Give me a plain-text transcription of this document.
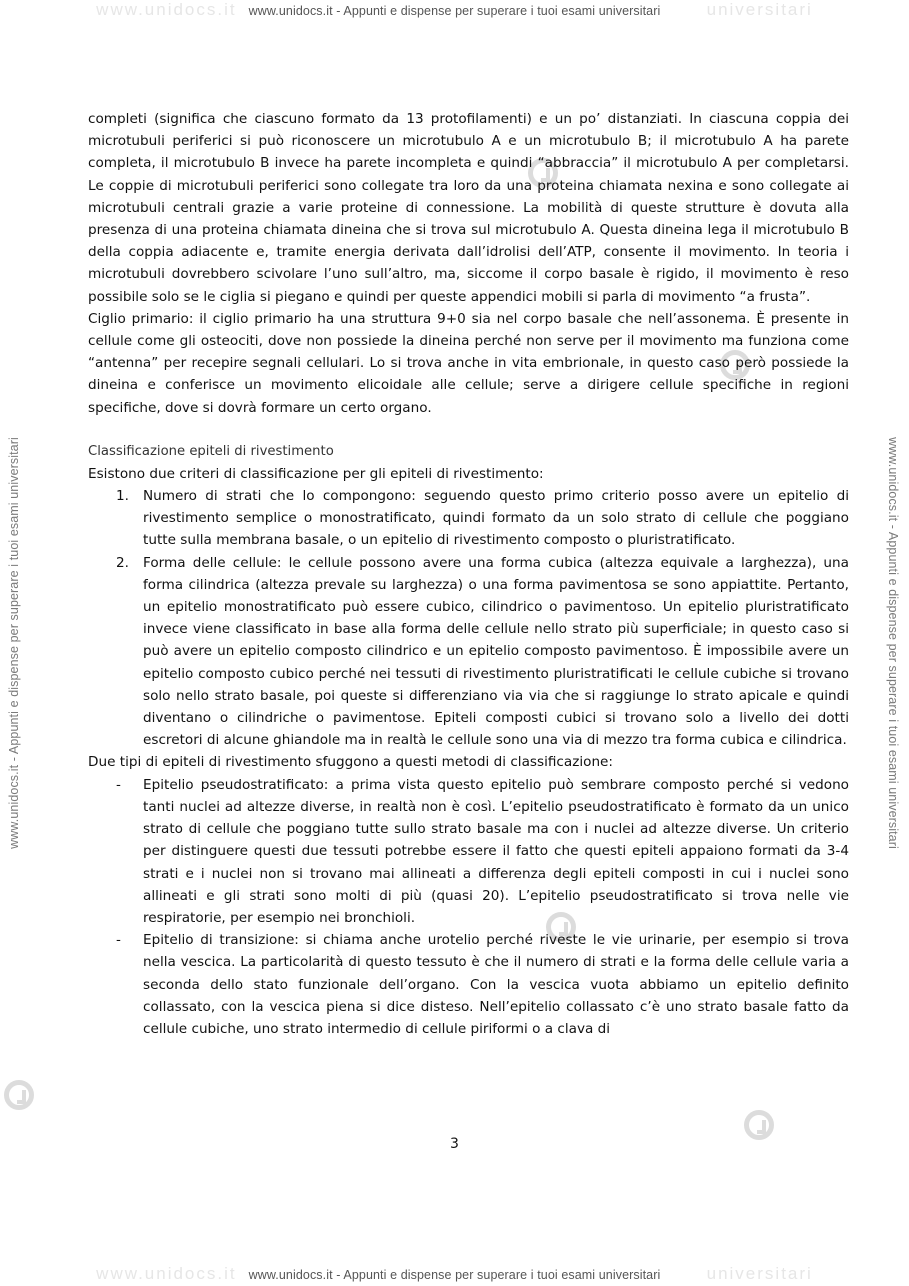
www.unidocs.it	universitari
www.unidocs.it - Appunti e dispense per superare i tuoi esami universitari
www.unidocs.it - Appunti e dispense per superare i tuoi esami universitari	www.unidocs.it - Appunti e dispense per superare i tuoi esami universitari

completi (significa che ciascuno formato da 13 protofilamenti) e un po’ distanziati. In ciascuna coppia dei microtubuli periferici si può riconoscere un microtubulo A e un microtubulo B; il microtubulo A ha parete completa, il microtubulo B invece ha parete incompleta e quindi “abbraccia” il microtubulo A per completarsi. Le coppie di microtubuli periferici sono collegate tra loro da una proteina chiamata nexina e sono collegate ai microtubuli centrali grazie a varie proteine di connessione. La mobilità di queste strutture è dovuta alla presenza di una proteina chiamata dineina che si trova sul microtubulo A. Questa dineina lega il microtubulo B della coppia adiacente e, tramite energia derivata dall’idrolisi dell’ATP, consente il movimento. In teoria i microtubuli dovrebbero scivolare l’uno sull’altro, ma, siccome il corpo basale è rigido, il movimento è reso possibile solo se le ciglia si piegano e quindi per queste appendici mobili si parla di movimento “a frusta”.

Ciglio primario: il ciglio primario ha una struttura 9+0 sia nel corpo basale che nell’assonema. È presente in cellule come gli osteociti, dove non possiede la dineina perché non serve per il movimento ma funziona come “antenna” per recepire segnali cellulari. Lo si trova anche in vita embrionale, in questo caso però possiede la dineina e conferisce un movimento elicoidale alle cellule; serve a dirigere cellule specifiche in regioni specifiche, dove si dovrà formare un certo organo.

Classificazione epiteli di rivestimento

Esistono due criteri di classificazione per gli epiteli di rivestimento:

1. Numero di strati che lo compongono: seguendo questo primo criterio posso avere un epitelio di rivestimento semplice o monostratificato, quindi formato da un solo strato di cellule che poggiano tutte sulla membrana basale, o un epitelio di rivestimento composto o pluristratificato.
2. Forma delle cellule: le cellule possono avere una forma cubica (altezza equivale a larghezza), una forma cilindrica (altezza prevale su larghezza) o una forma pavimentosa se sono appiattite. Pertanto, un epitelio monostratificato può essere cubico, cilindrico o pavimentoso. Un epitelio pluristratificato invece viene classificato in base alla forma delle cellule nello strato più superficiale; in questo caso si può avere un epitelio composto cilindrico e un epitelio composto pavimentoso. È impossibile avere un epitelio composto cubico perché nei tessuti di rivestimento pluristratificati le cellule cubiche si trovano solo nello strato basale, poi queste si differenziano via via che si raggiunge lo strato apicale e quindi diventano o cilindriche o pavimentose. Epiteli composti cubici si trovano solo a livello dei dotti escretori di alcune ghiandole ma in realtà le cellule sono una via di mezzo tra forma cubica e cilindrica.

Due tipi di epiteli di rivestimento sfuggono a questi metodi di classificazione:

- Epitelio pseudostratificato: a prima vista questo epitelio può sembrare composto perché si vedono tanti nuclei ad altezze diverse, in realtà non è così. L’epitelio pseudostratificato è formato da un unico strato di cellule che poggiano tutte sullo strato basale ma con i nuclei ad altezze diverse. Un criterio per distinguere questi due tessuti potrebbe essere il fatto che questi epiteli appaiono formati da 3-4 strati e i nuclei non si trovano mai allineati a differenza degli epiteli composti in cui i nuclei sono allineati e gli strati sono molti di più (quasi 20). L’epitelio pseudostratificato si trova nelle vie respiratorie, per esempio nei bronchioli.
- Epitelio di transizione: si chiama anche urotelio perché riveste le vie urinarie, per esempio si trova nella vescica. La particolarità di questo tessuto è che il numero di strati e la forma delle cellule varia a seconda dello stato funzionale dell’organo. Con la vescica vuota abbiamo un epitelio definito collassato, con la vescica piena si dice disteso. Nell’epitelio collassato c’è uno strato basale fatto da cellule cubiche, uno strato intermedio di cellule piriformi o a clava di
3
www.unidocs.it	universitari
www.unidocs.it - Appunti e dispense per superare i tuoi esami universitari
